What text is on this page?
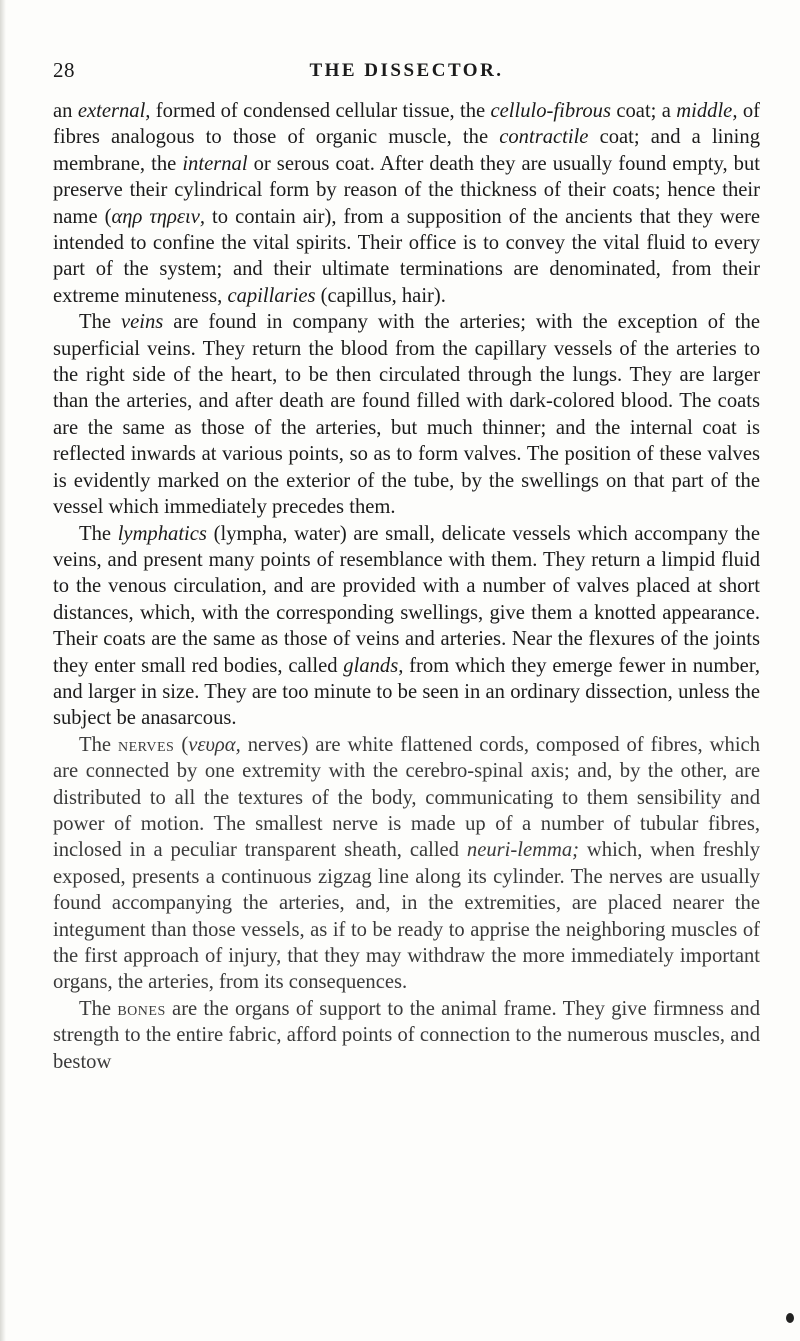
28	THE DISSECTOR.

an external, formed of condensed cellular tissue, the cellulo-fibrous coat; a middle, of fibres analogous to those of organic muscle, the contractile coat; and a lining membrane, the internal or serous coat. After death they are usually found empty, but preserve their cylindrical form by reason of the thickness of their coats; hence their name (αηρ τηρειν, to contain air), from a supposition of the ancients that they were intended to confine the vital spirits. Their office is to convey the vital fluid to every part of the system; and their ultimate terminations are denominated, from their extreme minuteness, capillaries (capillus, hair).

The veins are found in company with the arteries; with the exception of the superficial veins. They return the blood from the capillary vessels of the arteries to the right side of the heart, to be then circulated through the lungs. They are larger than the arteries, and after death are found filled with dark-colored blood. The coats are the same as those of the arteries, but much thinner; and the internal coat is reflected inwards at various points, so as to form valves. The position of these valves is evidently marked on the exterior of the tube, by the swellings on that part of the vessel which immediately precedes them.

The lymphatics (lympha, water) are small, delicate vessels which accompany the veins, and present many points of resemblance with them. They return a limpid fluid to the venous circulation, and are provided with a number of valves placed at short distances, which, with the corresponding swellings, give them a knotted appearance. Their coats are the same as those of veins and arteries. Near the flexures of the joints they enter small red bodies, called glands, from which they emerge fewer in number, and larger in size. They are too minute to be seen in an ordinary dissection, unless the subject be anasarcous.

The nerves (νευρα, nerves) are white flattened cords, composed of fibres, which are connected by one extremity with the cerebro-spinal axis; and, by the other, are distributed to all the textures of the body, communicating to them sensibility and power of motion. The smallest nerve is made up of a number of tubular fibres, inclosed in a peculiar transparent sheath, called neuri-lemma; which, when freshly exposed, presents a continuous zigzag line along its cylinder. The nerves are usually found accompanying the arteries, and, in the extremities, are placed nearer the integument than those vessels, as if to be ready to apprise the neighboring muscles of the first approach of injury, that they may withdraw the more immediately important organs, the arteries, from its consequences.

The bones are the organs of support to the animal frame. They give firmness and strength to the entire fabric, afford points of connection to the numerous muscles, and bestow
